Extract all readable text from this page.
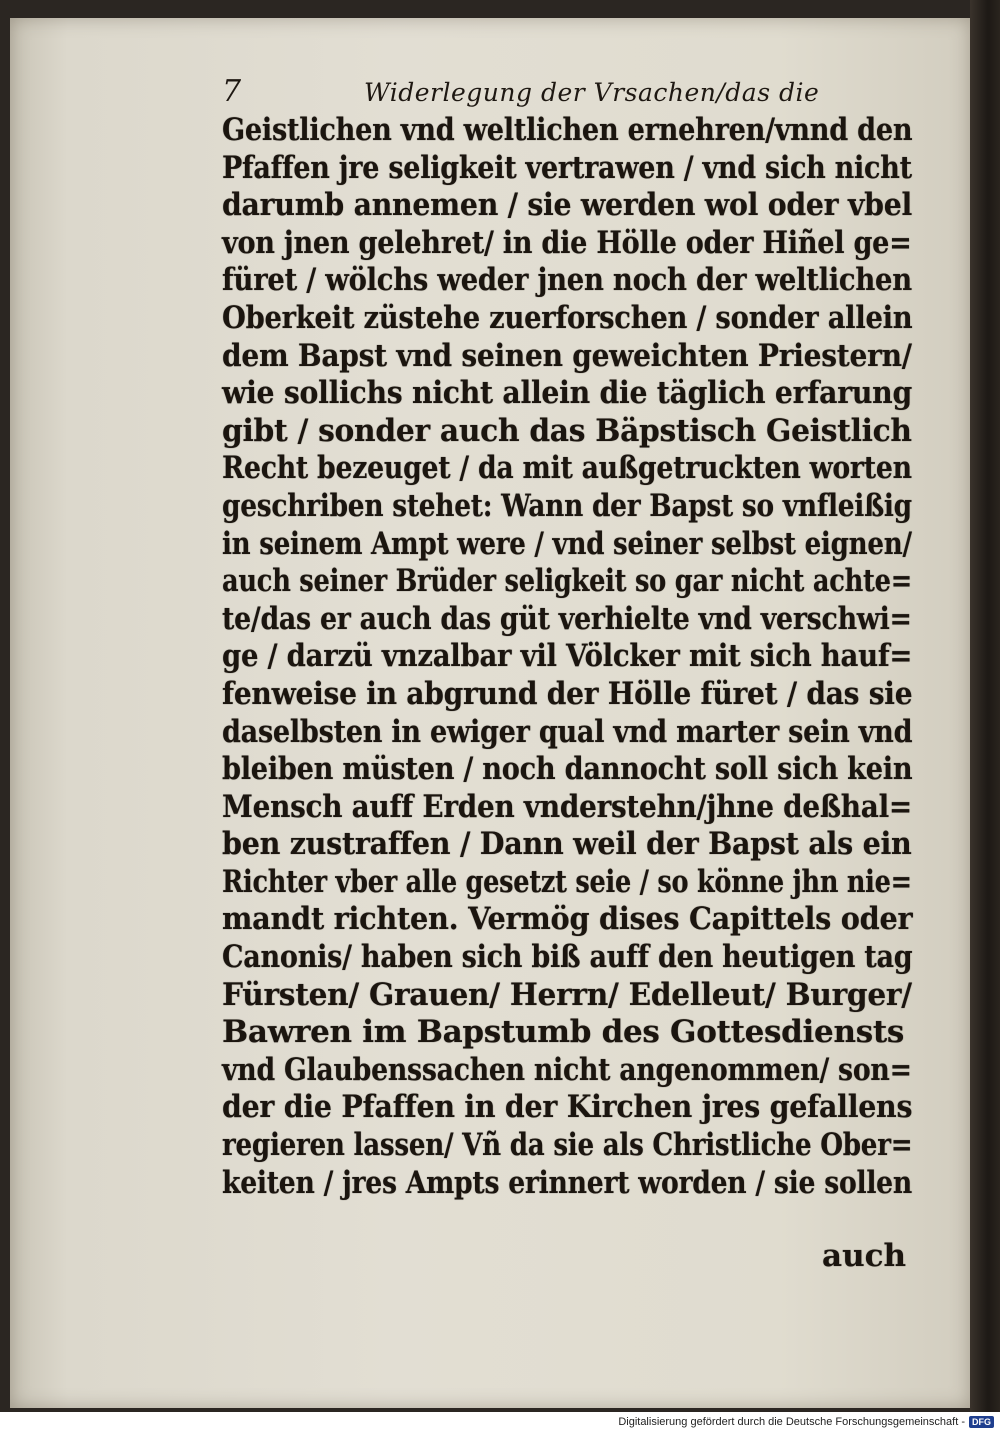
7	Widerlegung der Vrsachen/das die
Geistlichen vnd weltlichen ernehren/vnnd den
Pfaffen jre seligkeit vertrawen / vnd sich nicht
darumb annemen / sie werden wol oder vbel
von jnen gelehret/ in die Hölle oder Hiñel ge=
füret / wölchs weder jnen noch der weltlichen
Oberkeit züstehe zuerforschen / sonder allein
dem Bapst vnd seinen geweichten Priestern/
wie sollichs nicht allein die täglich erfarung
gibt / sonder auch das Bäpstisch Geistlich
Recht bezeuget / da mit außgetruckten worten
geschriben stehet: Wann der Bapst so vnfleißig
in seinem Ampt were / vnd seiner selbst eignen/
auch seiner Brüder seligkeit so gar nicht achte=
te/das er auch das güt verhielte vnd verschwi=
ge / darzü vnzalbar vil Völcker mit sich hauf=
fenweise in abgrund der Hölle füret / das sie
daselbsten in ewiger qual vnd marter sein vnd
bleiben müsten / noch dannocht soll sich kein
Mensch auff Erden vnderstehn/jhne deßhal=
ben zustraffen / Dann weil der Bapst als ein
Richter vber alle gesetzt seie / so könne jhn nie=
mandt richten. Vermög dises Capittels oder
Canonis/ haben sich biß auff den heutigen tag
Fürsten/ Grauen/ Herrn/ Edelleut/ Burger/
Bawren im Bapstumb des Gottesdiensts
vnd Glaubenssachen nicht angenommen/ son=
der die Pfaffen in der Kirchen jres gefallens
regieren lassen/ Vñ da sie als Christliche Ober=
keiten / jres Ampts erinnert worden / sie sollen
auch
Digitalisierung gefördert durch die Deutsche Forschungsgemeinschaft - DFG
